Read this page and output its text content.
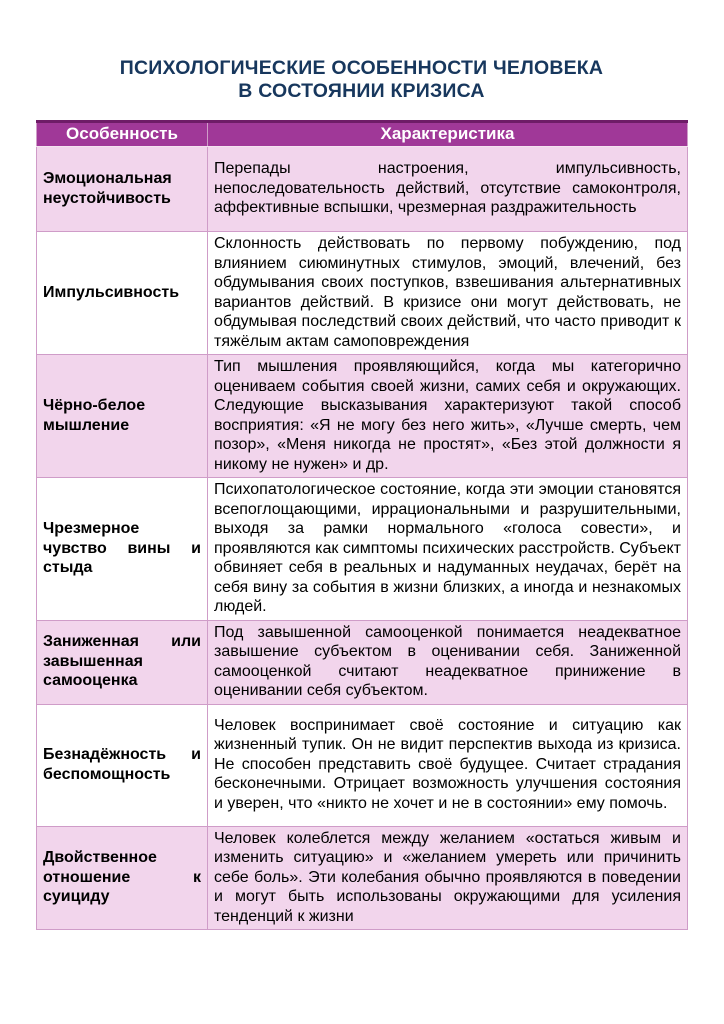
ПСИХОЛОГИЧЕСКИЕ ОСОБЕННОСТИ ЧЕЛОВЕКА
В СОСТОЯНИИ КРИЗИСА
Особенность	Характеристика
Эмоциональная неустойчивость	Перепады настроения, импульсивность, непоследовательность действий, отсутствие самоконтроля, аффективные вспышки, чрезмерная раздражительность
Импульсивность	Склонность действовать по первому побуждению, под влиянием сиюминутных стимулов, эмоций, влечений, без обдумывания своих поступков, взвешивания альтернативных вариантов действий. В кризисе они могут действовать, не обдумывая последствий своих действий, что часто приводит к тяжёлым актам самоповреждения
Чёрно-белое мышление	Тип мышления проявляющийся, когда мы категорично оцениваем события своей жизни, самих себя и окружающих. Следующие высказывания характеризуют такой способ восприятия: «Я не могу без него жить», «Лучше смерть, чем позор», «Меня никогда не простят», «Без этой должности я никому не нужен» и др.
Чрезмерное чувство вины и стыда	Психопатологическое состояние, когда эти эмоции становятся всепоглощающими, иррациональными и разрушительными, выходя за рамки нормального «голоса совести», и проявляются как симптомы психических расстройств. Субъект обвиняет себя в реальных и надуманных неудачах, берёт на себя вину за события в жизни близких, а иногда и незнакомых людей.
Заниженная или завышенная самооценка	Под завышенной самооценкой понимается неадекватное завышение субъектом в оценивании себя. Заниженной самооценкой считают неадекватное принижение в оценивании себя субъектом.
Безнадёжность и беспомощность	Человек воспринимает своё состояние и ситуацию как жизненный тупик. Он не видит перспектив выхода из кризиса. Не способен представить своё будущее. Считает страдания бесконечными. Отрицает возможность улучшения состояния и уверен, что «никто не хочет и не в состоянии» ему помочь.
Двойственное отношение к суициду	Человек колеблется между желанием «остаться живым и изменить ситуацию» и «желанием умереть или причинить себе боль». Эти колебания обычно проявляются в поведении и могут быть использованы окружающими для усиления тенденций к жизни
